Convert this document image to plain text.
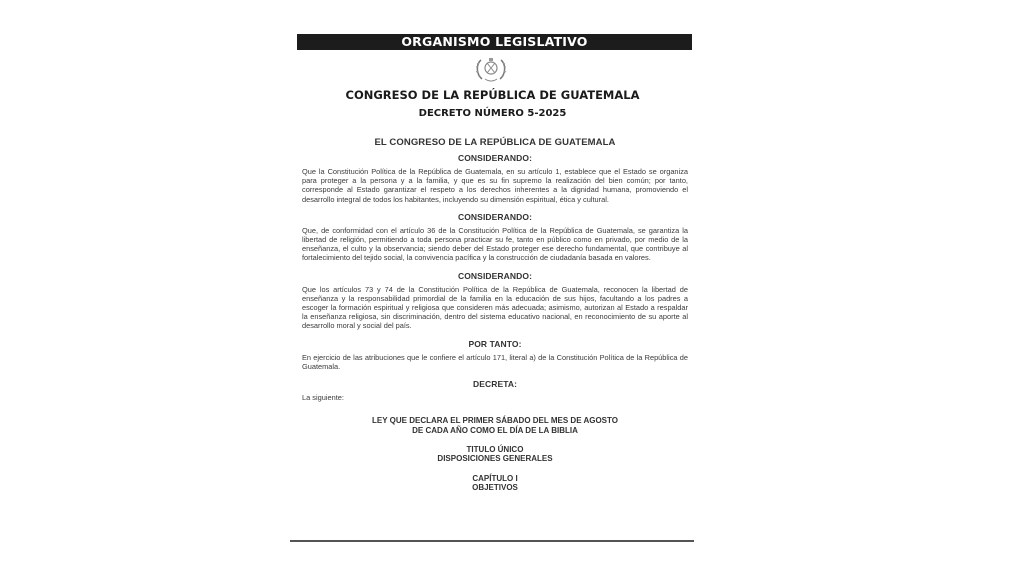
ORGANISMO LEGISLATIVO
CONGRESO DE LA REPÚBLICA DE GUATEMALA
DECRETO NÚMERO 5-2025

EL CONGRESO DE LA REPÚBLICA DE GUATEMALA

CONSIDERANDO:

Que la Constitución Política de la República de Guatemala, en su artículo 1, establece que el Estado se organiza para proteger a la persona y a la familia, y que es su fin supremo la realización del bien común; por tanto, corresponde al Estado garantizar el respeto a los derechos inherentes a la dignidad humana, promoviendo el desarrollo integral de todos los habitantes, incluyendo su dimensión espiritual, ética y cultural.

CONSIDERANDO:

Que, de conformidad con el artículo 36 de la Constitución Política de la República de Guatemala, se garantiza la libertad de religión, permitiendo a toda persona practicar su fe, tanto en público como en privado, por medio de la enseñanza, el culto y la observancia; siendo deber del Estado proteger ese derecho fundamental, que contribuye al fortalecimiento del tejido social, la convivencia pacífica y la construcción de ciudadanía basada en valores.

CONSIDERANDO:

Que los artículos 73 y 74 de la Constitución Política de la República de Guatemala, reconocen la libertad de enseñanza y la responsabilidad primordial de la familia en la educación de sus hijos, facultando a los padres a escoger la formación espiritual y religiosa que consideren más adecuada; asimismo, autorizan al Estado a respaldar la enseñanza religiosa, sin discriminación, dentro del sistema educativo nacional, en reconocimiento de su aporte al desarrollo moral y social del país.

POR TANTO:

En ejercicio de las atribuciones que le confiere el artículo 171, literal a) de la Constitución Política de la República de Guatemala.

DECRETA:

La siguiente:

LEY QUE DECLARA EL PRIMER SÁBADO DEL MES DE AGOSTO
DE CADA AÑO COMO EL DÍA DE LA BIBLIA
TITULO ÚNICO
DISPOSICIONES GENERALES
CAPÍTULO I
OBJETIVOS
